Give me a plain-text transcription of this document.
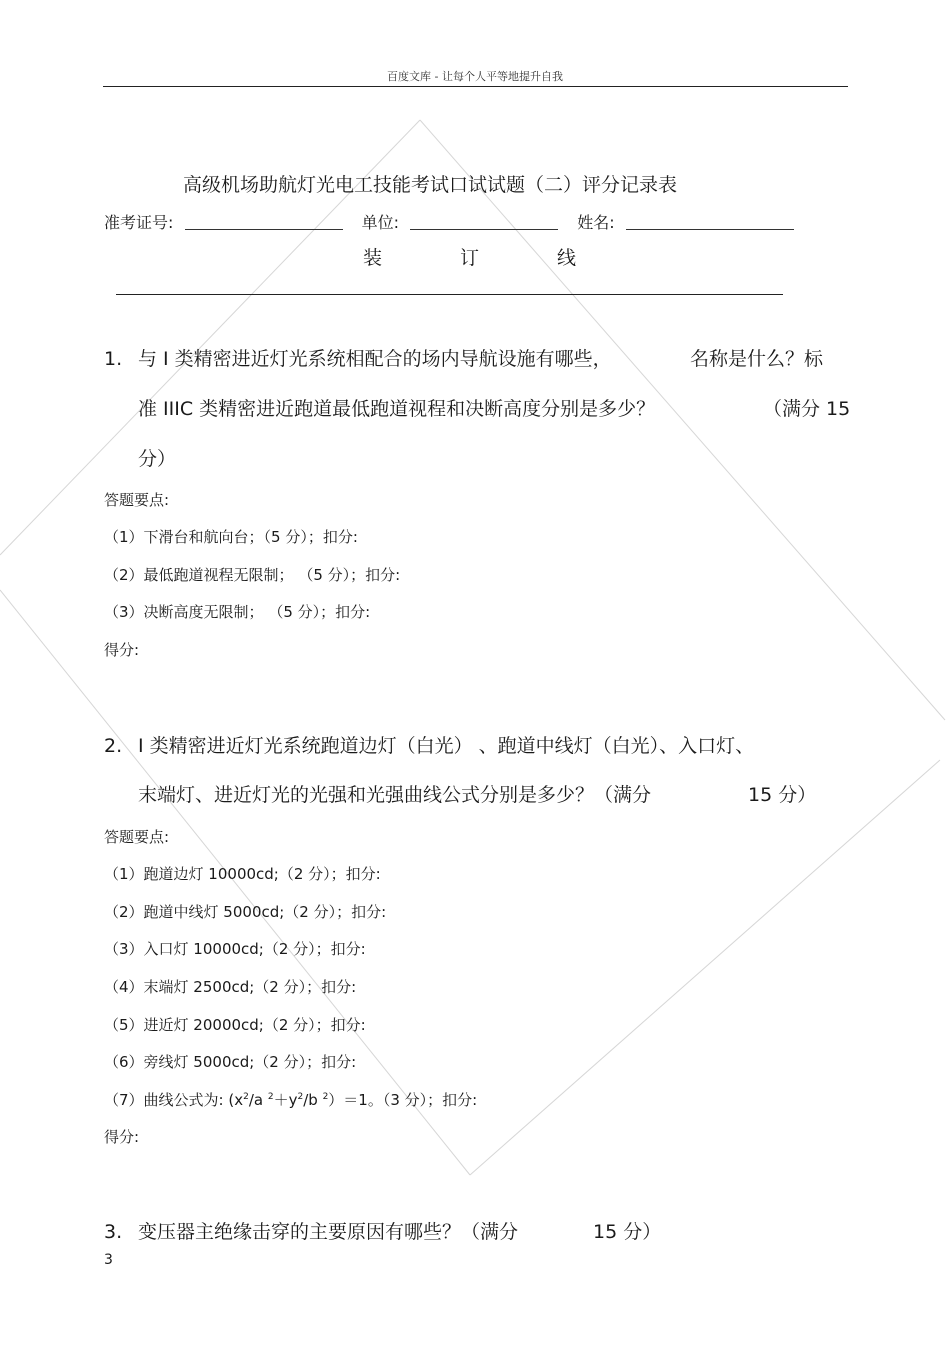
百度文库 - 让每个人平等地提升自我
高级机场助航灯光电工技能考试口试试题（二）评分记录表
准考证号:	单位:	姓名:
装	订	线
1. 与 I 类精密进近灯光系统相配合的场内导航设施有哪些，	名称是什么？标
准 IIIC 类精密进近跑道最低跑道视程和决断高度分别是多少？	（满分 15
分）
答题要点:
（1）下滑台和航向台；（5 分）；扣分:
（2）最低跑道视程无限制； （5 分）；扣分:
（3）决断高度无限制； （5 分）；扣分:
得分:
2. I 类精密进近灯光系统跑道边灯（白光） 、跑道中线灯（白光）、入口灯、
末端灯、进近灯光的光强和光强曲线公式分别是多少？（满分	15 分）
答题要点:
（1）跑道边灯 10000cd;（2 分）；扣分:
（2）跑道中线灯 5000cd;（2 分）；扣分:
（3）入口灯 10000cd;（2 分）；扣分:
（4）末端灯 2500cd;（2 分）；扣分:
（5）进近灯 20000cd;（2 分）；扣分:
（6）旁线灯 5000cd;（2 分）；扣分:
（7）曲线公式为: ($x^2/a$ $^2+y^2/b$ $^2$）＝1。（3 分）；扣分:
得分:
3. 变压器主绝缘击穿的主要原因有哪些？（满分	15 分）
3
